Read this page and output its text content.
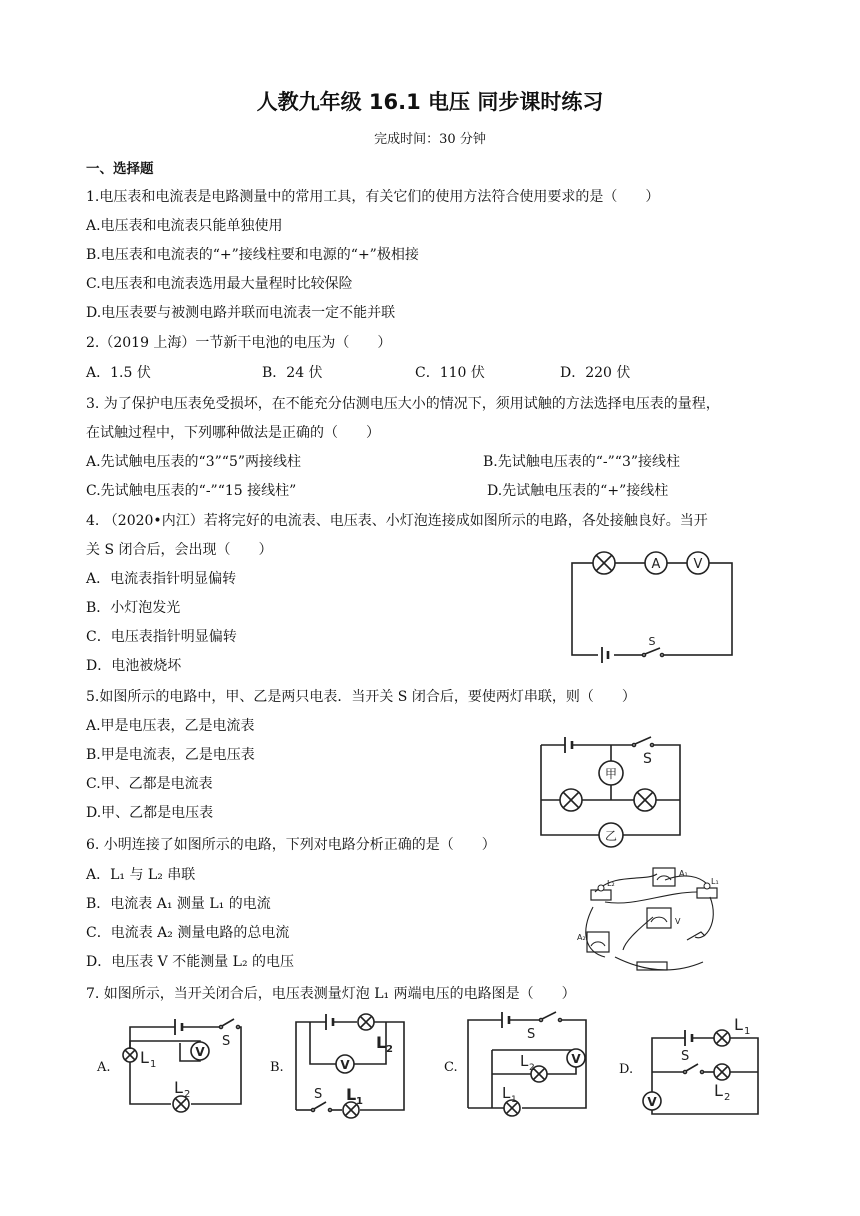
人教九年级 16.1 电压 同步课时练习
完成时间：30 分钟
一、选择题
1.电压表和电流表是电路测量中的常用工具，有关它们的使用方法符合使用要求的是（　　）
A.电压表和电流表只能单独使用
B.电压表和电流表的“+”接线柱要和电源的“+”极相接
C.电压表和电流表选用最大量程时比较保险
D.电压表要与被测电路并联而电流表一定不能并联
2.（2019 上海）一节新干电池的电压为（　　）
A．1.5 伏	B．24 伏	C．110 伏	D．220 伏
3. 为了保护电压表免受损坏，在不能充分估测电压大小的情况下，须用试触的方法选择电压表的量程，
在试触过程中，下列哪种做法是正确的（　　）
A.先试触电压表的“3”“5”两接线柱	B.先试触电压表的“-”“3”接线柱
C.先试触电压表的“-”“15 接线柱”	D.先试触电压表的“+”接线柱
4. （2020•内江）若将完好的电流表、电压表、小灯泡连接成如图所示的电路，各处接触良好。当开
关 S 闭合后，会出现（　　）
A．电流表指针明显偏转
B．小灯泡发光
C．电压表指针明显偏转
D．电池被烧坏
A	V
S
5.如图所示的电路中，甲、乙是两只电表．当开关 S 闭合后，要使两灯串联，则（　　）
A.甲是电压表，乙是电流表
B.甲是电流表，乙是电压表
C.甲、乙都是电流表
D.甲、乙都是电压表
S
甲
乙
6. 小明连接了如图所示的电路，下列对电路分析正确的是（　　）
A．L₁ 与 L₂ 串联
B．电流表 A₁ 测量 L₁ 的电流
C．电流表 A₂ 测量电路的总电流
D．电压表 V 不能测量 L₂ 的电压
A₁
L₂	L₁
V
A₂
7. 如图所示，当开关闭合后，电压表测量灯泡 L₁ 两端电压的电路图是（　　）
A.
L 1
V
S
L 2
B.	V
L 2
S L 1
C.
S
V
L 2
L 1
D.
L 1
V
S
L 2
